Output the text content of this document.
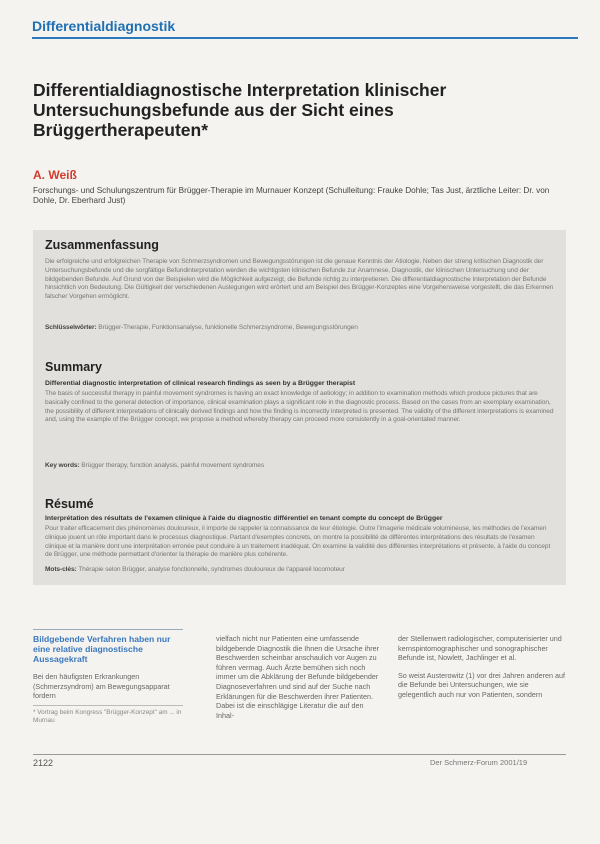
Differentialdiagnostik
Differentialdiagnostische Interpretation klinischer Untersuchungsbefunde aus der Sicht eines Brüggertherapeuten*
A. Weiß
Forschungs- und Schulungszentrum für Brügger-Therapie im Murnauer Konzept (Schulleitung: Frauke Dohle; Tas Just, ärztliche Leiter: Dr. von Dohle, Dr. Eberhard Just)
Zusammenfassung
Die erfolgreiche und erfolgreichen Therapie von Schmerzsyndromen und Bewegungsstörungen ist die genaue Kenntnis der Ätiologie. Neben der streng kritischen Diagnostik der Untersuchungsbefunde und die sorgfältige Befundinterpretation werden die wichtigsten klinischen Befunde zur Anamnese, Diagnostik, der klinischen Untersuchung und der bildgebenden Befunde. Auf Grund von der Beispielen wird die Möglichkeit aufgezeigt, die Befunde richtig zu interpretieren. Die differentialdiagnostische Interpretation der Befunde hinsichtlich von Bedeutung. Die Gültigkeit der verschiedenen Auslegungen wird erörtert und am Beispiel des Brügger-Konzeptes eine Vorgehensweise vorgestellt, die das Erkennen falscher Vorgehen ermöglicht.
Schlüsselwörter: Brügger-Therapie, Funktionsanalyse, funktionelle Schmerzsyndrome, Bewegungsstörungen
Summary
Differential diagnostic interpretation of clinical research findings as seen by a Brügger therapist
The basis of successful therapy in painful movement syndromes is having an exact knowledge of aetiology; in addition to examination methods which produce pictures that are basically confined to the general detection of importance, clinical examination plays a significant role in the diagnostic process. Based on the cases from an exemplary examination, the possibility of different interpretations of clinically derived findings and how the finding is incorrectly interpreted is presented. The validity of the different interpretations is examined and, using the example of the Brügger concept, we propose a method whereby therapy can proceed more consistently in a goal-orientated manner.
Key words: Brügger therapy, function analysis, painful movement syndromes
Résumé
Interprétation des résultats de l'examen clinique à l'aide du diagnostic différentiel en tenant compte du concept de Brügger
Pour traiter efficacement des phénomènes douloureux, il importe de rappeler la connaissance de leur étiologie. Outre l'imagerie médicale volumineuse, les méthodes de l'examen clinique jouent un rôle important dans le processus diagnostique. Partant d'exemples concrets, on montre la possibilité de différentes interprétations des résultats de l'examen clinique et la manière dont une interprétation erronée peut conduire à un traitement inadéquat. On examine la validité des différentes interprétations et présente, à l'aide du concept de Brügger, une méthode permettant d'orienter la thérapie de manière plus cohérente.
Mots-clés: Thérapie selon Brügger, analyse fonctionnelle, syndromes douloureux de l'appareil locomoteur
Bildgebende Verfahren haben nur eine relative diagnostische Aussagekraft
Bei den häufigsten Erkrankungen (Schmerzsyndrom) am Bewegungsapparat fordern
* Vortrag beim Kongress "Brügger-Konzept" am ... in Murnau
vielfach nicht nur Patienten eine umfassende bildgebende Diagnostik die Ihnen die Ursache ihrer Beschwerden scheinbar anschaulich vor Augen zu führen vermag. Auch Ärzte bemühen sich noch immer um die Abklärung der Befunde bildgebender Diagnoseverfahren und sind auf der Suche nach Erklärungen für die Beschwerden ihrer Patienten. Dabei ist die einschlägige Literatur die auf den Inhal-
der Stellenwert radiologischer, computerisierter und kernspintomographischer und sonographischer Befunde ist, Nowlett, Jachlinger et al.
So weist Austerowitz (1) vor drei Jahren anderen auf die Befunde bei Untersuchungen, wie sie gelegentlich auch nur von Patienten, sondern
2122	Der Schmerz-Forum 2001/19
